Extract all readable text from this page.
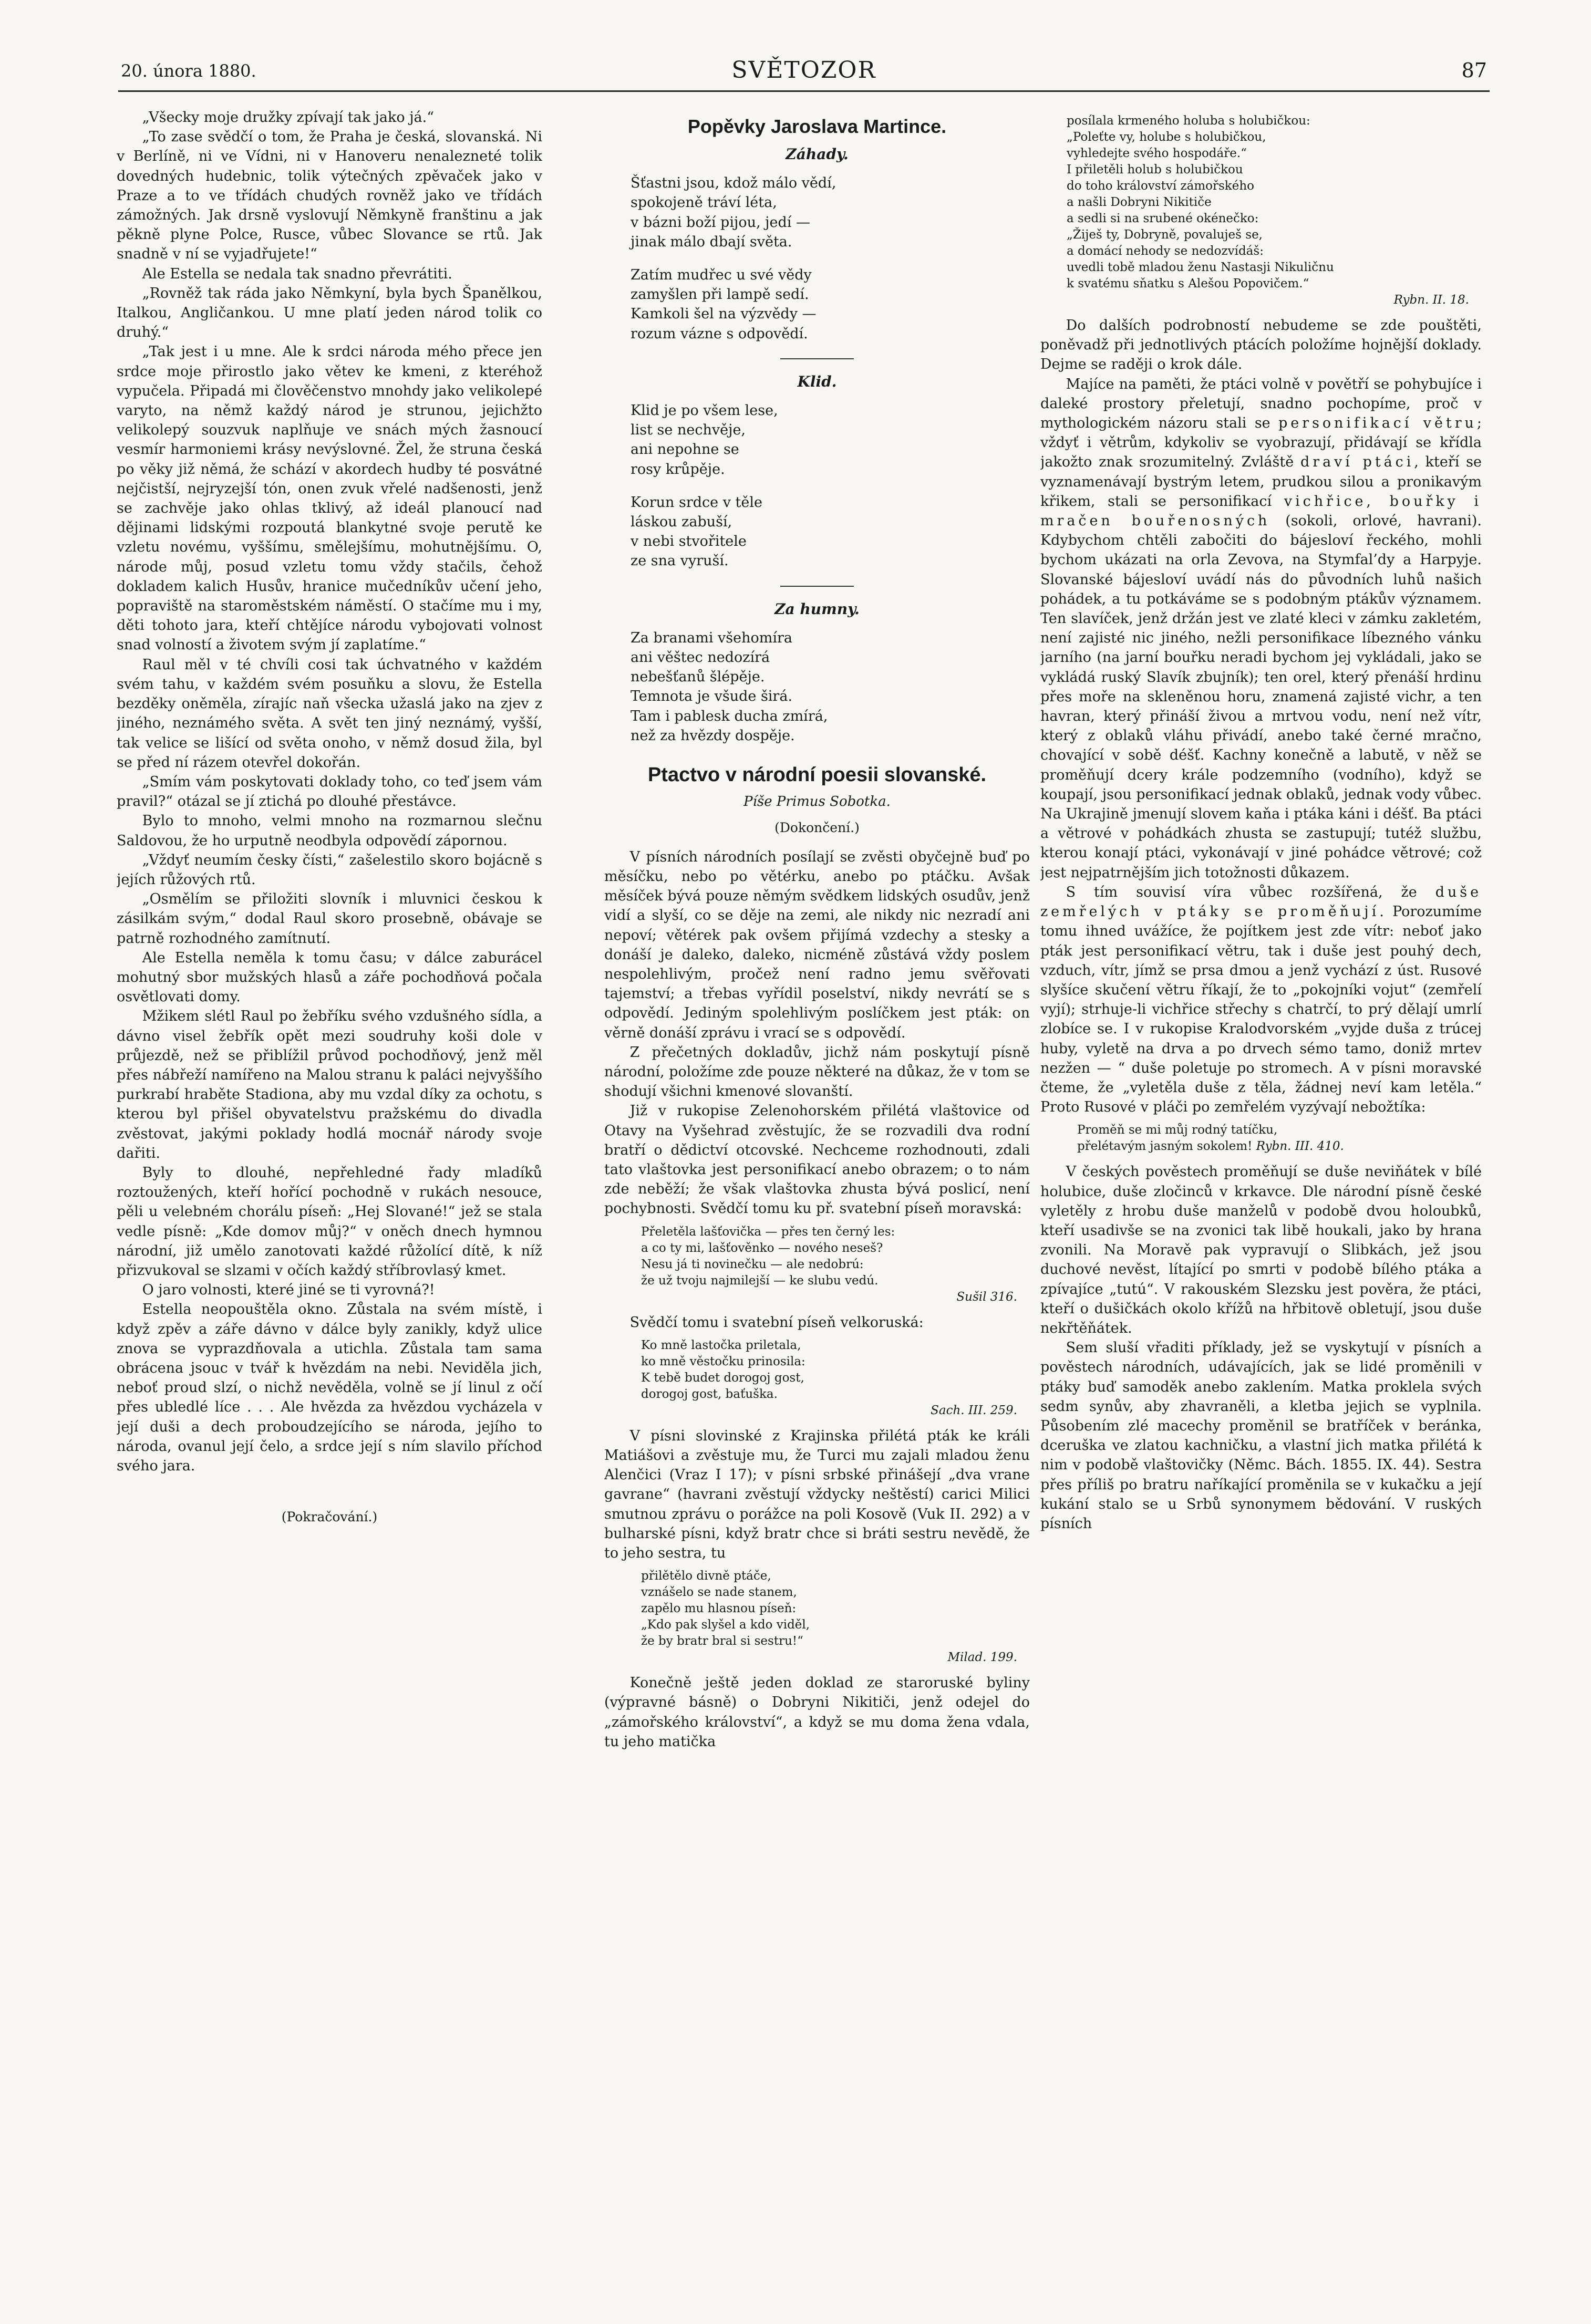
20. února 1880.	SVĚTOZOR	87

„Všecky moje družky zpívají tak jako já.“

„To zase svědčí o tom, že Praha je česká, slovanská. Ni v Berlíně, ni ve Vídni, ni v Hanoveru nenalezneté tolik dovedných hudebnic, tolik výtečných zpěvaček jako v Praze a to ve třídách chudých rovněž jako ve třídách zámožných. Jak drsně vyslovují Němkyně franštinu a jak pěkně plyne Polce, Rusce, vůbec Slovance se rtů. Jak snadně v ní se vyjadřujete!“

Ale Estella se nedala tak snadno převrátiti.

„Rovněž tak ráda jako Němkyní, byla bych Španělkou, Italkou, Angličankou. U mne platí jeden národ tolik co druhý.“

„Tak jest i u mne. Ale k srdci národa mého přece jen srdce moje přirostlo jako větev ke kmeni, z kteréhož vypučela. Připadá mi člověčenstvo mnohdy jako velikolepé varyto, na němž každý národ je strunou, jejichžto velikolepý souzvuk naplňuje ve snách mých žasnoucí vesmír harmoniemi krásy nevýslovné. Žel, že struna česká po věky již němá, že schází v akordech hudby té posvátné nejčistší, nejryzejší tón, onen zvuk vřelé nadšenosti, jenž se zachvěje jako ohlas tklivý, až ideál planoucí nad dějinami lidskými rozpoutá blankytné svoje perutě ke vzletu novému, vyššímu, smělejšímu, mohutnějšímu. O, národe můj, posud vzletu tomu vždy stačils, čehož dokladem kalich Husův, hranice mučedníkův učení jeho, popraviště na staroměstském náměstí. O stačíme mu i my, děti tohoto jara, kteří chtějíce národu vybojovati volnost snad volností a životem svým jí zaplatíme.“

Raul měl v té chvíli cosi tak úchvatného v každém svém tahu, v každém svém posuňku a slovu, že Estella bezděky oněměla, zírajíc naň všecka užaslá jako na zjev z jiného, neznámého světa. A svět ten jiný neznámý, vyšší, tak velice se lišící od světa onoho, v němž dosud žila, byl se před ní rázem otevřel dokořán.

„Smím vám poskytovati doklady toho, co teď jsem vám pravil?“ otázal se jí ztichá po dlouhé přestávce.

Bylo to mnoho, velmi mnoho na rozmarnou slečnu Saldovou, že ho urputně neodbyla odpovědí zápornou.

„Vždyť neumím česky čísti,“ zašelestilo skoro bojácně s jejích růžových rtů.

„Osmělím se přiložiti slovník i mluvnici českou k zásilkám svým,“ dodal Raul skoro prosebně, obávaje se patrně rozhodného zamítnutí.

Ale Estella neměla k tomu času; v dálce zaburácel mohutný sbor mužských hlasů a záře pochodňová počala osvětlovati domy.

Mžikem slétl Raul po žebříku svého vzdušného sídla, a dávno visel žebřík opět mezi soudruhy koši dole v průjezdě, než se přiblížil průvod pochodňový, jenž měl přes nábřeží namířeno na Malou stranu k paláci nejvyššího purkrabí hraběte Stadiona, aby mu vzdal díky za ochotu, s kterou byl přišel obyvatelstvu pražskému do divadla zvěstovat, jakými poklady hodlá mocnář národy svoje dařiti.

Byly to dlouhé, nepřehledné řady mladíků roztoužených, kteří hořící pochodně v rukách nesouce, pěli u velebném chorálu píseň: „Hej Slované!“ jež se stala vedle písně: „Kde domov můj?“ v oněch dnech hymnou národní, již umělo zanotovati každé růžolící dítě, k níž přizvukoval se slzami v očích každý stříbrovlasý kmet.

O jaro volnosti, které jiné se ti vyrovná?!

Estella neopouštěla okno. Zůstala na svém místě, i když zpěv a záře dávno v dálce byly zanikly, když ulice znova se vyprazdňovala a utichla. Zůstala tam sama obrácena jsouc v tvář k hvězdám na nebi. Neviděla jich, neboť proud slzí, o nichž nevěděla, volně se jí linul z očí přes ubledlé líce . . . Ale hvězda za hvězdou vycházela v její duši a dech proboudzejícího se národa, jejího to národa, ovanul její čelo, a srdce její s ním slavilo příchod svého jara.

(Pokračování.)
Popěvky Jaroslava Martince.
Záhady.
Šťastni jsou, kdož málo vědí,
spokojeně tráví léta,
v bázni boží pijou, jedí —
jinak málo dbají světa.
Zatím mudřec u své vědy
zamyšlen při lampě sedí.
Kamkoli šel na výzvědy —
rozum vázne s odpovědí.
Klid.
Klid je po všem lese,
list se nechvěje,
ani nepohne se
rosy krůpěje.
Korun srdce v těle
láskou zabuší,
v nebi stvořitele
ze sna vyruší.
Za humny.
Za branami všehomíra
ani věštec nedozírá
nebešťanů šlépěje.
Temnota je všude širá.
Tam i pablesk ducha zmírá,
než za hvězdy dospěje.
Ptactvo v národní poesii slovanské.
Píše Primus Sobotka.
(Dokončení.)

V písních národních posílají se zvěsti obyčejně buď po měsíčku, nebo po větérku, anebo po ptáčku. Avšak měsíček bývá pouze němým svědkem lidských osudův, jenž vidí a slyší, co se děje na zemi, ale nikdy nic nezradí ani nepoví; větérek pak ovšem přijímá vzdechy a stesky a donáší je daleko, daleko, nicméně zůstává vždy poslem nespolehlivým, pročež není radno jemu svěřovati tajemství; a třebas vyřídil poselství, nikdy nevrátí se s odpovědí. Jediným spolehlivým poslíčkem jest pták: on věrně donáší zprávu i vrací se s odpovědí.

Z přečetných dokladův, jichž nám poskytují písně národní, položíme zde pouze některé na důkaz, že v tom se shodují všichni kmenové slovanští.

Již v rukopise Zelenohorském přilétá vlaštovice od Otavy na Vyšehrad zvěstujíc, že se rozvadili dva rodní bratří o dědictví otcovské. Nechceme rozhodnouti, zdali tato vlaštovka jest personifikací anebo obrazem; o to nám zde neběží; že však vlaštovka zhusta bývá poslicí, není pochybnosti. Svědčí tomu ku př. svatební píseň moravská:

Přeletěla lašťovička — přes ten černý les:
a co ty mi, lašťověnko — nového neseš?
Nesu já ti novinečku — ale nedobrú:
že už tvoju najmilejší — ke slubu vedú.
Sušil 316.

Svědčí tomu i svatební píseň velkoruská:

Ko mně lastočka priletala,
ko mně věstočku prinosila:
K tebě budet dorogoj gost,
dorogoj gost, baťuška.
Sach. III. 259.

V písni slovinské z Krajinska přilétá pták ke králi Matiášovi a zvěstuje mu, že Turci mu zajali mladou ženu Alenčici (Vraz I 17); v písni srbské přinášejí „dva vrane gavrane“ (havrani zvěstují vždycky neštěstí) carici Milici smutnou zprávu o porážce na poli Kosově (Vuk II. 292) a v bulharské písni, když bratr chce si bráti sestru nevědě, že to jeho sestra, tu

přilětělo divně ptáče,
vznášelo se nade stanem,
zapělo mu hlasnou píseň:
„Kdo pak slyšel a kdo viděl,
že by bratr bral si sestru!“
Milad. 199.

Konečně ještě jeden doklad ze staroruské byliny (výpravné básně) o Dobryni Nikitiči, jenž odejel do „zámořského království“, a když se mu doma žena vdala, tu jeho matička

posílala krmeného holuba s holubičkou:
„Poleťte vy, holube s holubičkou,
vyhledejte svého hospodáře.“
I přiletěli holub s holubičkou
do toho království zámořského
a našli Dobryni Nikitiče
a sedli si na srubené okénečko:
„Žiješ ty, Dobryně, povaluješ se,
a domácí nehody se nedozvídáš:
uvedli tobě mladou ženu Nastasji Nikuličnu
k svatému sňatku s Alešou Popovičem.“
Rybn. II. 18.

Do dalších podrobností nebudeme se zde pouštěti, poněvadž při jednotlivých ptácích položíme hojnější doklady. Dejme se raději o krok dále.

Majíce na paměti, že ptáci volně v povětří se pohybujíce i daleké prostory přeletují, snadno pochopíme, proč v mythologickém názoru stali se personifikací větru; vždyť i větrům, kdykoliv se vyobrazují, přidávají se křídla jakožto znak srozumitelný. Zvláště draví ptáci, kteří se vyznamenávají bystrým letem, prudkou silou a pronikavým křikem, stali se personifikací vichřice, bouřky i mračen bouřenosných (sokoli, orlové, havrani). Kdybychom chtěli zabočiti do bájesloví řeckého, mohli bychom ukázati na orla Zevova, na Stymfal’dy a Harpyje. Slovanské bájesloví uvádí nás do původních luhů našich pohádek, a tu potkáváme se s podobným ptákův významem. Ten slavíček, jenž držán jest ve zlaté kleci v zámku zakletém, není zajisté nic jiného, nežli personifikace líbezného vánku jarního (na jarní bouřku neradi bychom jej vykládali, jako se vykládá ruský Slavík zbujník); ten orel, který přenáší hrdinu přes moře na skleněnou horu, znamená zajisté vichr, a ten havran, který přináší živou a mrtvou vodu, není než vítr, který z oblaků vláhu přivádí, anebo také černé mračno, chovající v sobě déšť. Kachny konečně a labutě, v něž se proměňují dcery krále podzemního (vodního), když se koupají, jsou personifikací jednak oblaků, jednak vody vůbec. Na Ukrajině jmenují slovem kaňa i ptáka káni i déšť. Ba ptáci a větrové v pohádkách zhusta se zastupují; tutéž službu, kterou konají ptáci, vykonávají v jiné pohádce větrové; což jest nejpatrnějším jich totožnosti důkazem.

S tím souvisí víra vůbec rozšířená, že duše zemřelých v ptáky se proměňují. Porozumíme tomu ihned uvážíce, že pojítkem jest zde vítr: neboť jako pták jest personifikací větru, tak i duše jest pouhý dech, vzduch, vítr, jímž se prsa dmou a jenž vychází z úst. Rusové slyšíce skučení větru říkají, že to „pokojníki vojut“ (zemřelí vyjí); strhuje-li vichřice střechy s chatrčí, to prý dělají umrlí zlobíce se. I v rukopise Kralodvorském „vyjde duša z trúcej huby, vyletě na drva a po drvech sémo tamo, doniž mrtev nezžen — “ duše poletuje po stromech. A v písni moravské čteme, že „vyletěla duše z těla, žádnej neví kam letěla.“ Proto Rusové v pláči po zemřelém vyzývají nebožtíka:

Proměň se mi můj rodný tatíčku,
přelétavým jasným sokolem! Rybn. III. 410.

V českých pověstech proměňují se duše neviňátek v bílé holubice, duše zločinců v krkavce. Dle národní písně české vyletěly z hrobu duše manželů v podobě dvou holoubků, kteří usadivše se na zvonici tak libě houkali, jako by hrana zvonili. Na Moravě pak vypravují o Slibkách, jež jsou duchové nevěst, lítající po smrti v podobě bílého ptáka a zpívajíce „tutú“. V rakouském Slezsku jest pověra, že ptáci, kteří o dušičkách okolo křížů na hřbitově obletují, jsou duše nekřtěňátek.

Sem sluší vřaditi příklady, jež se vyskytují v písních a pověstech národních, udávajících, jak se lidé proměnili v ptáky buď samoděk anebo zaklením. Matka proklela svých sedm synův, aby zhavraněli, a kletba jejich se vyplnila. Působením zlé macechy proměnil se bratříček v beránka, dceruška ve zlatou kachničku, a vlastní jich matka přilétá k nim v podobě vlaštovičky (Němc. Bách. 1855. IX. 44). Sestra přes příliš po bratru naříkající proměnila se v kukačku a její kukání stalo se u Srbů synonymem bědování. V ruských písních
